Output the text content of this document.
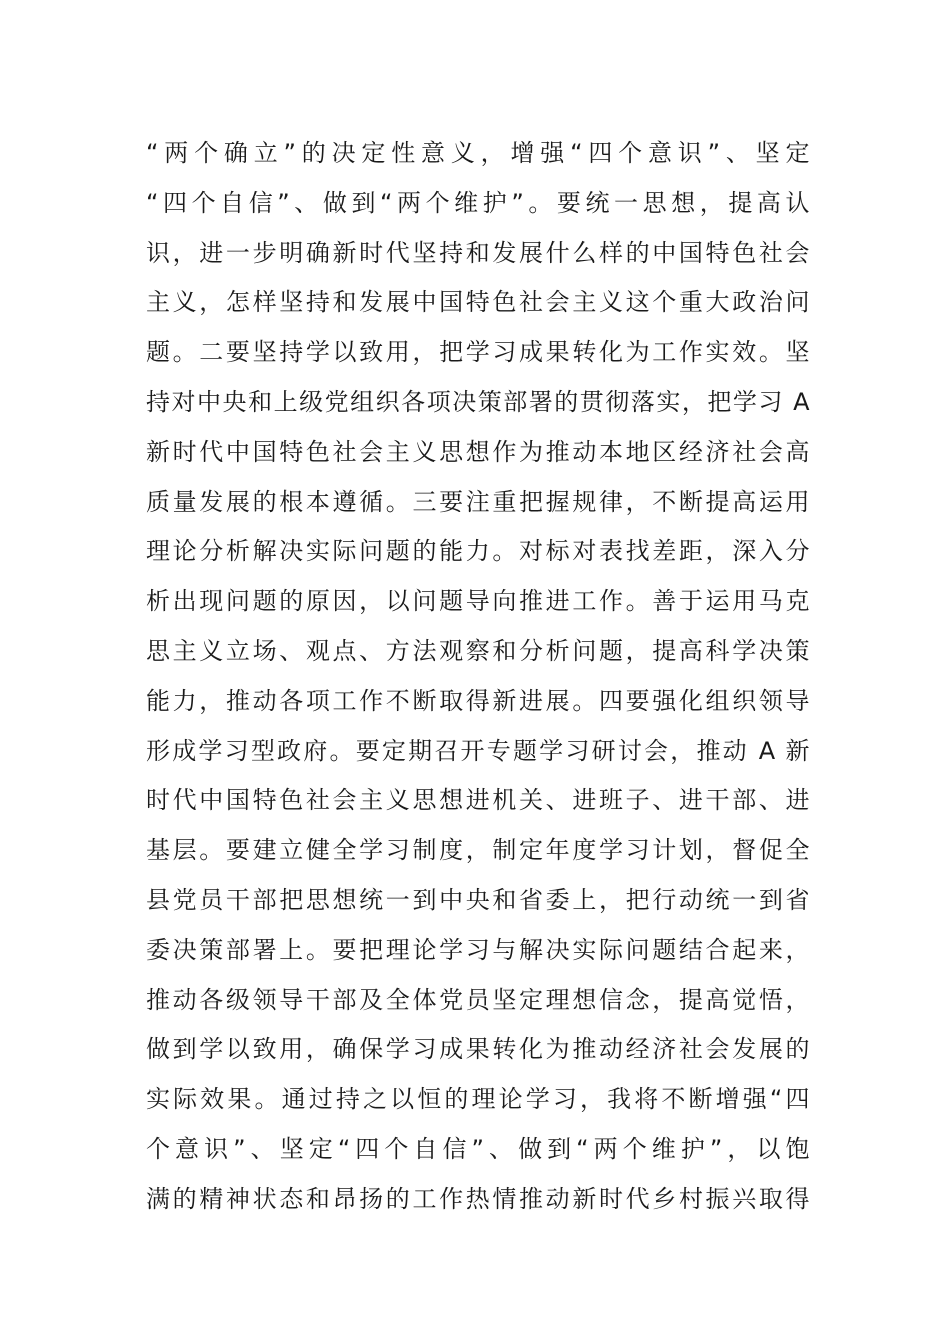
“两个确立”的决定性意义，增强“四个意识”、坚定
“四个自信”、做到“两个维护”。要统一思想，提高认
识，进一步明确新时代坚持和发展什么样的中国特色社会
主义，怎样坚持和发展中国特色社会主义这个重大政治问
题。二要坚持学以致用，把学习成果转化为工作实效。坚
持对中央和上级党组织各项决策部署的贯彻落实，把学习 A
新时代中国特色社会主义思想作为推动本地区经济社会高
质量发展的根本遵循。三要注重把握规律，不断提高运用
理论分析解决实际问题的能力。对标对表找差距，深入分
析出现问题的原因，以问题导向推进工作。善于运用马克
思主义立场、观点、方法观察和分析问题，提高科学决策
能力，推动各项工作不断取得新进展。四要强化组织领导
形成学习型政府。要定期召开专题学习研讨会，推动 A 新
时代中国特色社会主义思想进机关、进班子、进干部、进
基层。要建立健全学习制度，制定年度学习计划，督促全
县党员干部把思想统一到中央和省委上，把行动统一到省
委决策部署上。要把理论学习与解决实际问题结合起来，
推动各级领导干部及全体党员坚定理想信念，提高觉悟，
做到学以致用，确保学习成果转化为推动经济社会发展的
实际效果。通过持之以恒的理论学习，我将不断增强“四
个意识”、坚定“四个自信”、做到“两个维护”，以饱
满的精神状态和昂扬的工作热情推动新时代乡村振兴取得
